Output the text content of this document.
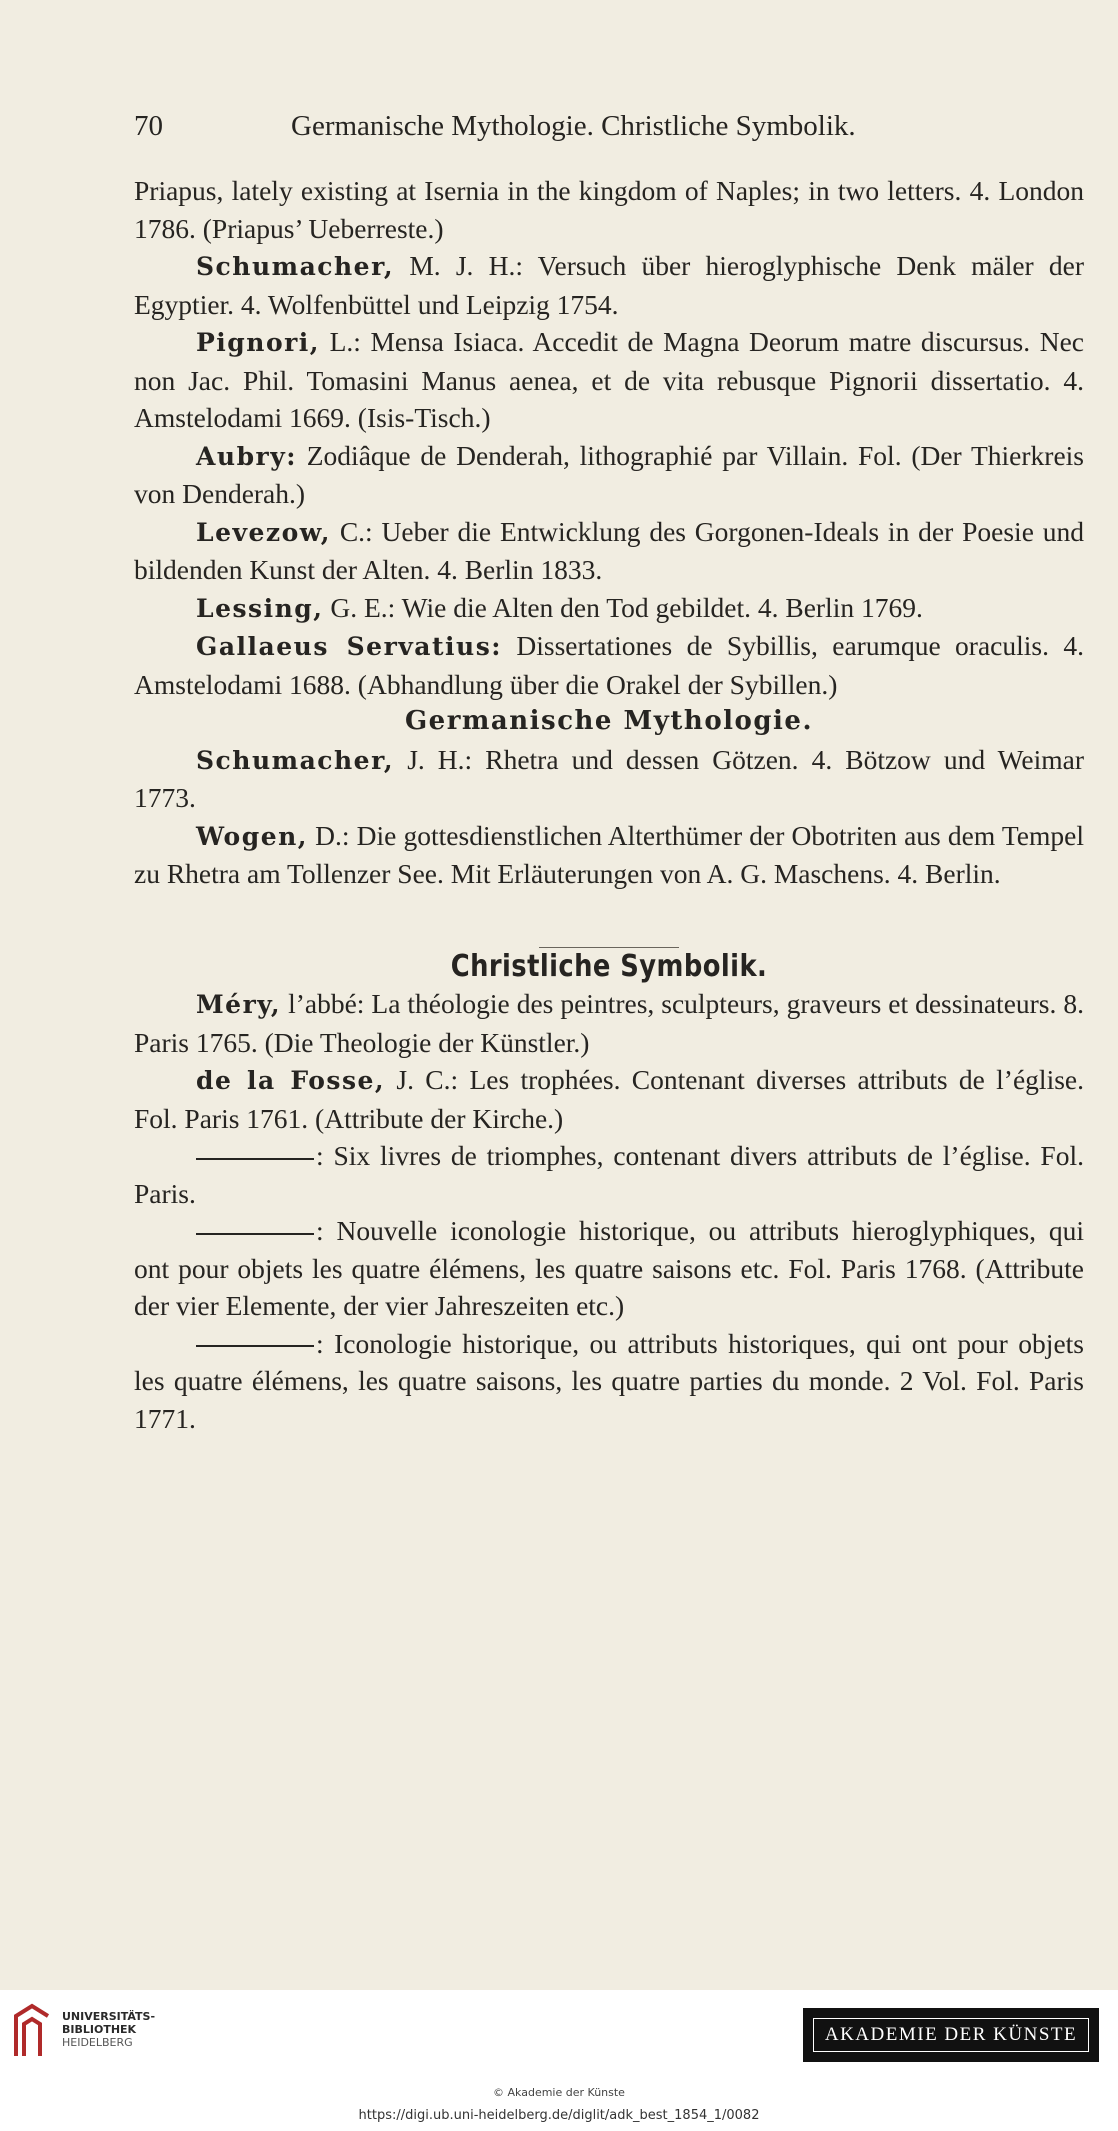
70	Germanische Mythologie. Christliche Symbolik.

Priapus, lately existing at Isernia in the kingdom of Naples; in two letters. 4. London 1786. (Priapus’ Ueberreste.)

Schumacher, M. J. H.: Versuch über hieroglyphische Denk mäler der Egyptier. 4. Wolfenbüttel und Leipzig 1754.

Pignori, L.: Mensa Isiaca. Accedit de Magna Deorum matre discursus. Nec non Jac. Phil. Tomasini Manus aenea, et de vita rebusque Pignorii dissertatio. 4. Amstelodami 1669. (Isis-Tisch.)

Aubry: Zodiâque de Denderah, lithographié par Villain. Fol. (Der Thierkreis von Denderah.)

Levezow, C.: Ueber die Entwicklung des Gorgonen-Ideals in der Poesie und bildenden Kunst der Alten. 4. Berlin 1833.

Lessing, G. E.: Wie die Alten den Tod gebildet. 4. Berlin 1769.

Gallaeus Servatius: Dissertationes de Sybillis, earumque oraculis. 4. Amstelodami 1688. (Abhandlung über die Orakel der Sybillen.)

Germanische Mythologie.

Schumacher, J. H.: Rhetra und dessen Götzen. 4. Bötzow und Weimar 1773.

Wogen, D.: Die gottesdienstlichen Alterthümer der Obotriten aus dem Tempel zu Rhetra am Tollenzer See. Mit Erläuterungen von A. G. Maschens. 4. Berlin.

Christliche Symbolik.

Méry, l’abbé: La théologie des peintres, sculpteurs, graveurs et dessinateurs. 8. Paris 1765. (Die Theologie der Künstler.)

de la Fosse, J. C.: Les trophées. Contenant diverses attributs de l’église. Fol. Paris 1761. (Attribute der Kirche.)

: Six livres de triomphes, contenant divers attributs de l’église. Fol. Paris.

: Nouvelle iconologie historique, ou attributs hieroglyphiques, qui ont pour objets les quatre élémens, les quatre saisons etc. Fol. Paris 1768. (Attribute der vier Elemente, der vier Jahreszeiten etc.)

: Iconologie historique, ou attributs historiques, qui ont pour objets les quatre élémens, les quatre saisons, les quatre parties du monde. 2 Vol. Fol. Paris 1771.

UNIVERSITÄTS-
BIBLIOTHEK
HEIDELBERG	AKADEMIE DER KÜNSTE
© Akademie der Künste
https://digi.ub.uni-heidelberg.de/diglit/adk_best_1854_1/0082
